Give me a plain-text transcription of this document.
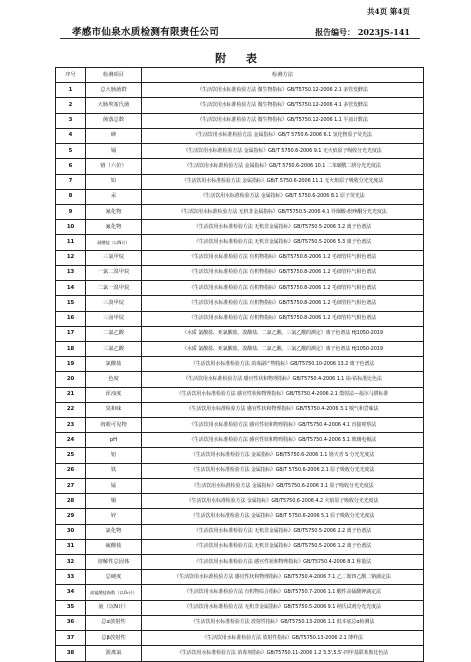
共4页 第4页
孝感市仙泉水质检测有限责任公司	报告编号： 2023JS-141
附 表
序号	检测项目	检测方法
1	总大肠菌群	《生活饮用水标准检验方法 微生物指标》GB/T5750.12-2006 2.1 多管发酵法
2	大肠埃希氏菌	《生活饮用水标准检验方法 微生物指标》GB/T5750.12-2006 4.1 多管发酵法
3	菌落总数	《生活饮用水标准检验方法 微生物指标》GB/T5750.12-2006 1.1 平皿计数法
4	砷	《生活饮用水标准检验方法 金属指标》GB/T 5750.6-2006 6.1 氢化物原子荧光法
5	镉	《生活饮用水标准检验方法 金属指标》GB/T 5750.6-2006 9.1 无火焰原子吸收分光光度法
6	铬（六价）	《生活饮用水标准检验方法 金属指标》GB/T 5750.6-2006 10.1 二苯碳酰二肼分光光度法
7	铅	《生活饮用水标准检验方法 金属指标》GB/T 5750.6-2006 11.1 无火焰原子吸收分光光度法
8	汞	《生活饮用水标准检验方法 金属指标》GB/T 5750.6-2006 8.1 原子荧光法
9	氰化物	《生活饮用水标准检验方法 无机非金属指标》GB/T5750.5-2006 4.1 异烟酸-吡唑酮分光光度法
10	氟化物	《生活饮用水标准检验方法 无机非金属指标》GB/T5750.5-2006 3.2 离子色谱法
11	硝酸盐（以N计）	《生活饮用水标准检验方法 无机非金属指标》GB/T5750.5-2006 5.3 离子色谱法
12	三氯甲烷	《生活饮用水标准检验方法 有机物指标》GB/T5750.8-2006 1.2 毛细管柱气相色谱法
13	一氯二溴甲烷	《生活饮用水标准检验方法 有机物指标》GB/T5750.8-2006 1.2 毛细管柱气相色谱法
14	二氯一溴甲烷	《生活饮用水标准检验方法 有机物指标》GB/T5750.8-2006 1.2 毛细管柱气相色谱法
15	三溴甲烷	《生活饮用水标准检验方法 有机物指标》GB/T5750.8-2006 1.2 毛细管柱气相色谱法
16	三卤甲烷	《生活饮用水标准检验方法 有机物指标》GB/T5750.8-2006 1.2 毛细管柱气相色谱法
17	二氯乙酸	《水质 氯酸盐、亚氯酸盐、溴酸盐、二氯乙酸、三氯乙酸的测定》离子色谱法 HJ1050-2019
18	三氯乙酸	《水质 氯酸盐、亚氯酸盐、溴酸盐、二氯乙酸、三氯乙酸的测定》离子色谱法 HJ1050-2019
19	氯酸盐	《生活饮用水标准检验方法 消毒副产物指标》GB/T5750.10-2006 13.2 离子色谱法
20	色度	《生活饮用水标准检验方法 感官性状和物理指标》GB/T5750.4-2006 1.1 铂-钴标准比色法
21	浑浊度	《生活饮用水标准检验方法 感官性状和物理指标》GB/T5750.4-2006 2.1 散射法—福尔马肼标准
22	臭和味	《生活饮用水标准检验方法 感官性状和物理指标》GB/T5750.4-2006 3.1 嗅气和尝味法
23	肉眼可见物	《生活饮用水标准检验方法 感官性状和物理指标》GB/T5750.4-2006 4.1 直接观察法
24	pH	《生活饮用水标准检验方法 感官性状和物理指标》GB/T5750.4-2006 5.1 玻璃电极法
25	铝	《生活饮用水标准检验方法 金属指标》GB/T5750.6-2006 1.1 铬天青 S 分光光度法
26	铁	《生活饮用水标准检验方法 金属指标》GB/T 5750.6-2006 2.1 原子吸收分光光度法
27	锰	《生活饮用水标准检验方法 金属指标》GB/T5750.6-2006 3.1 原子吸收分光光度法
28	铜	《生活饮用水标准检验方法 金属指标》GB/T5750.6-2006 4.2 火焰原子吸收分光光度法
29	锌	《生活饮用水标准检验方法 金属指标》GB/T 5750.6-2006 5.1 原子吸收分光光度法
30	氯化物	《生活饮用水标准检验方法 无机非金属指标》GB/T5750.5-2006 2.2 离子色谱法
31	硫酸盐	《生活饮用水标准检验方法 无机非金属指标》GB/T5750.5-2006 1.2 离子色谱法
32	溶解性总固体	《生活饮用水标准检验方法 感官性状和物理指标》GB/T5750.4-2006 8.1 称量法
33	总硬度	《生活饮用水标准检验方法 感官性状和物理指标》GB/T5750.4-2006 7.1 乙二胺四乙酸二钠滴定法
34	高锰酸盐指数（以O₂计）	《生活饮用水标准检验方法 有机物综合指标》GB/T5750.7-2006 1.1 酸性高锰酸钾滴定法
35	氨（以N计）	《生活饮用水标准检验方法 无机非金属指标》GB/T5750.5-2006 9.1 纳氏试剂分光光度法
36	总α放射性	《生活饮用水标准检验方法 放射性指标》GB/T5750.13-2006 1.1 低本底总α检测法
37	总β放射性	《生活饮用水标准检验方法 放射性指标》GB/T5750.13-2006 2.1 薄样法
38	游离氯	《生活饮用水标准检验方法 消毒剂指标》GB/T5750.11-2006 1.2 3,3',5,5'-四甲基联苯胺比色法
